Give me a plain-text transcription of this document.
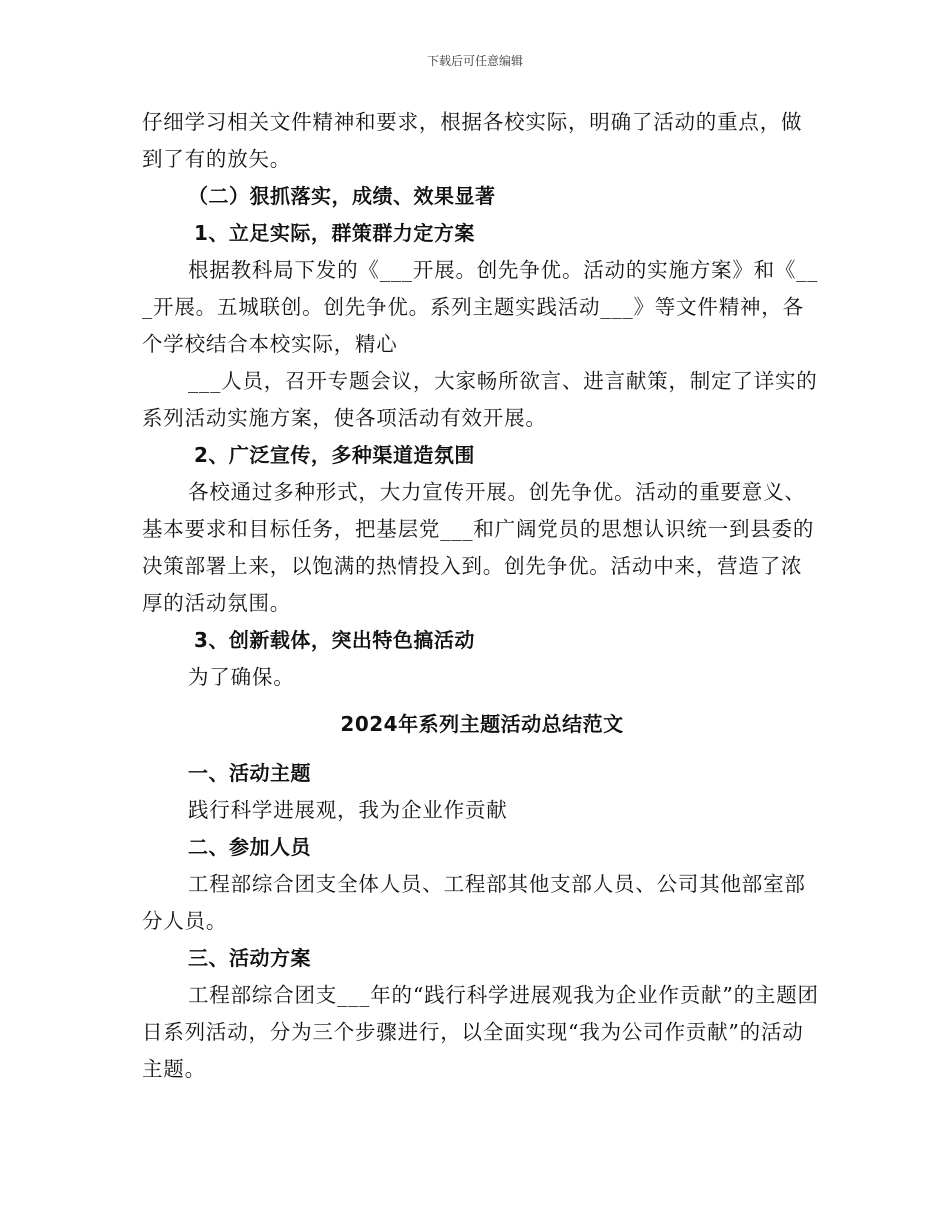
下载后可任意编辑

仔细学习相关文件精神和要求，根据各校实际，明确了活动的重点，做到了有的放矢。

（二）狠抓落实，成绩、效果显著

1、立足实际，群策群力定方案

根据教科局下发的《___开展。创先争优。活动的实施方案》和《___开展。五城联创。创先争优。系列主题实践活动___》等文件精神，各个学校结合本校实际，精心

___人员，召开专题会议，大家畅所欲言、进言献策，制定了详实的系列活动实施方案，使各项活动有效开展。

2、广泛宣传，多种渠道造氛围

各校通过多种形式，大力宣传开展。创先争优。活动的重要意义、基本要求和目标任务，把基层党___和广阔党员的思想认识统一到县委的决策部署上来，以饱满的热情投入到。创先争优。活动中来，营造了浓厚的活动氛围。

3、创新载体，突出特色搞活动

为了确保。

2024年系列主题活动总结范文

一、活动主题

践行科学进展观，我为企业作贡献

二、参加人员

工程部综合团支全体人员、工程部其他支部人员、公司其他部室部分人员。

三、活动方案

工程部综合团支___年的“践行科学进展观我为企业作贡献”的主题团日系列活动，分为三个步骤进行，以全面实现“我为公司作贡献”的活动主题。
